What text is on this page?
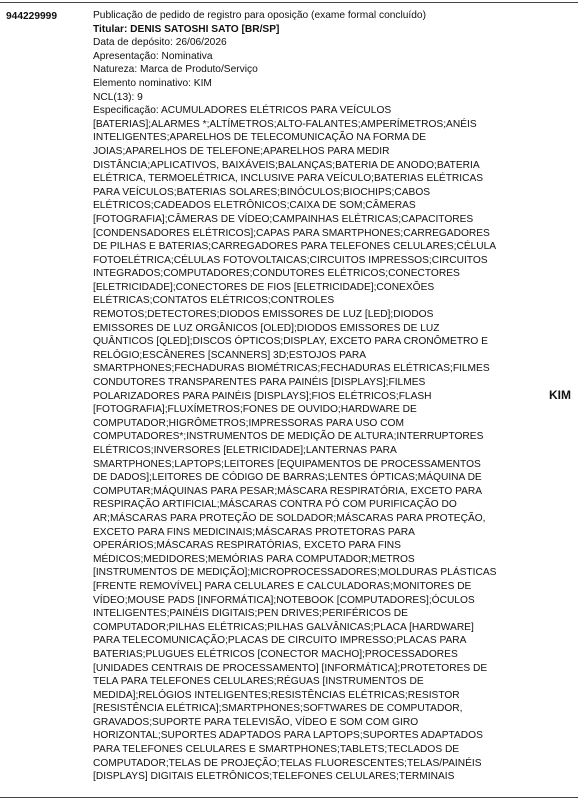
944229999	Publicação de pedido de registro para oposição (exame formal concluído)
Titular: DENIS SATOSHI SATO [BR/SP]
Data de depósito: 26/06/2026
Apresentação: Nominativa
Natureza: Marca de Produto/Serviço
Elemento nominativo: KIM
NCL(13): 9
Especificação: ACUMULADORES ELÉTRICOS PARA VEÍCULOS
[BATERIAS];ALARMES *;ALTÍMETROS;ALTO-FALANTES;AMPERÍMETROS;ANÉIS
INTELIGENTES;APARELHOS DE TELECOMUNICAÇÃO NA FORMA DE
JOIAS;APARELHOS DE TELEFONE;APARELHOS PARA MEDIR
DISTÂNCIA;APLICATIVOS, BAIXÁVEIS;BALANÇAS;BATERIA DE ANODO;BATERIA
ELÉTRICA, TERMOELÉTRICA, INCLUSIVE PARA VEÍCULO;BATERIAS ELÉTRICAS
PARA VEÍCULOS;BATERIAS SOLARES;BINÓCULOS;BIOCHIPS;CABOS
ELÉTRICOS;CADEADOS ELETRÔNICOS;CAIXA DE SOM;CÂMERAS
[FOTOGRAFIA];CÂMERAS DE VÍDEO;CAMPAINHAS ELÉTRICAS;CAPACITORES
[CONDENSADORES ELÉTRICOS];CAPAS PARA SMARTPHONES;CARREGADORES
DE PILHAS E BATERIAS;CARREGADORES PARA TELEFONES CELULARES;CÉLULA
FOTOELÉTRICA;CÉLULAS FOTOVOLTAICAS;CIRCUITOS IMPRESSOS;CIRCUITOS
INTEGRADOS;COMPUTADORES;CONDUTORES ELÉTRICOS;CONECTORES
[ELETRICIDADE];CONECTORES DE FIOS [ELETRICIDADE];CONEXÕES
ELÉTRICAS;CONTATOS ELÉTRICOS;CONTROLES
REMOTOS;DETECTORES;DIODOS EMISSORES DE LUZ [LED];DIODOS
EMISSORES DE LUZ ORGÂNICOS [OLED];DIODOS EMISSORES DE LUZ
QUÂNTICOS [QLED];DISCOS ÓPTICOS;DISPLAY, EXCETO PARA CRONÔMETRO E
RELÓGIO;ESCÂNERES [SCANNERS] 3D;ESTOJOS PARA
SMARTPHONES;FECHADURAS BIOMÉTRICAS;FECHADURAS ELÉTRICAS;FILMES
CONDUTORES TRANSPARENTES PARA PAINÉIS [DISPLAYS];FILMES
POLARIZADORES PARA PAINÉIS [DISPLAYS];FIOS ELÉTRICOS;FLASH
[FOTOGRAFIA];FLUXÍMETROS;FONES DE OUVIDO;HARDWARE DE
COMPUTADOR;HIGRÔMETROS;IMPRESSORAS PARA USO COM
COMPUTADORES*;INSTRUMENTOS DE MEDIÇÃO DE ALTURA;INTERRUPTORES
ELÉTRICOS;INVERSORES [ELETRICIDADE];LANTERNAS PARA
SMARTPHONES;LAPTOPS;LEITORES [EQUIPAMENTOS DE PROCESSAMENTOS
DE DADOS];LEITORES DE CÓDIGO DE BARRAS;LENTES ÓPTICAS;MÁQUINA DE
COMPUTAR;MÁQUINAS PARA PESAR;MÁSCARA RESPIRATÓRIA, EXCETO PARA
RESPIRAÇÃO ARTIFICIAL;MÁSCARAS CONTRA PÓ COM PURIFICAÇÃO DO
AR;MÁSCARAS PARA PROTEÇÃO DE SOLDADOR;MÁSCARAS PARA PROTEÇÃO,
EXCETO PARA FINS MEDICINAIS;MÁSCARAS PROTETORAS PARA
OPERÁRIOS;MÁSCARAS RESPIRATÓRIAS, EXCETO PARA FINS
MÉDICOS;MEDIDORES;MEMÓRIAS PARA COMPUTADOR;METROS
[INSTRUMENTOS DE MEDIÇÃO];MICROPROCESSADORES;MOLDURAS PLÁSTICAS
[FRENTE REMOVÍVEL] PARA CELULARES E CALCULADORAS;MONITORES DE
VÍDEO;MOUSE PADS [INFORMÁTICA];NOTEBOOK [COMPUTADORES];ÓCULOS
INTELIGENTES;PAINÉIS DIGITAIS;PEN DRIVES;PERIFÉRICOS DE
COMPUTADOR;PILHAS ELÉTRICAS;PILHAS GALVÂNICAS;PLACA [HARDWARE]
PARA TELECOMUNICAÇÃO;PLACAS DE CIRCUITO IMPRESSO;PLACAS PARA
BATERIAS;PLUGUES ELÉTRICOS [CONECTOR MACHO];PROCESSADORES
[UNIDADES CENTRAIS DE PROCESSAMENTO] [INFORMÁTICA];PROTETORES DE
TELA PARA TELEFONES CELULARES;RÉGUAS [INSTRUMENTOS DE
MEDIDA];RELÓGIOS INTELIGENTES;RESISTÊNCIAS ELÉTRICAS;RESISTOR
[RESISTÊNCIA ELÉTRICA];SMARTPHONES;SOFTWARES DE COMPUTADOR,
GRAVADOS;SUPORTE PARA TELEVISÃO, VÍDEO E SOM COM GIRO
HORIZONTAL;SUPORTES ADAPTADOS PARA LAPTOPS;SUPORTES ADAPTADOS
PARA TELEFONES CELULARES E SMARTPHONES;TABLETS;TECLADOS DE
COMPUTADOR;TELAS DE PROJEÇÃO;TELAS FLUORESCENTES;TELAS/PAINÉIS
[DISPLAYS] DIGITAIS ELETRÔNICOS;TELEFONES CELULARES;TERMINAIS
KIM
